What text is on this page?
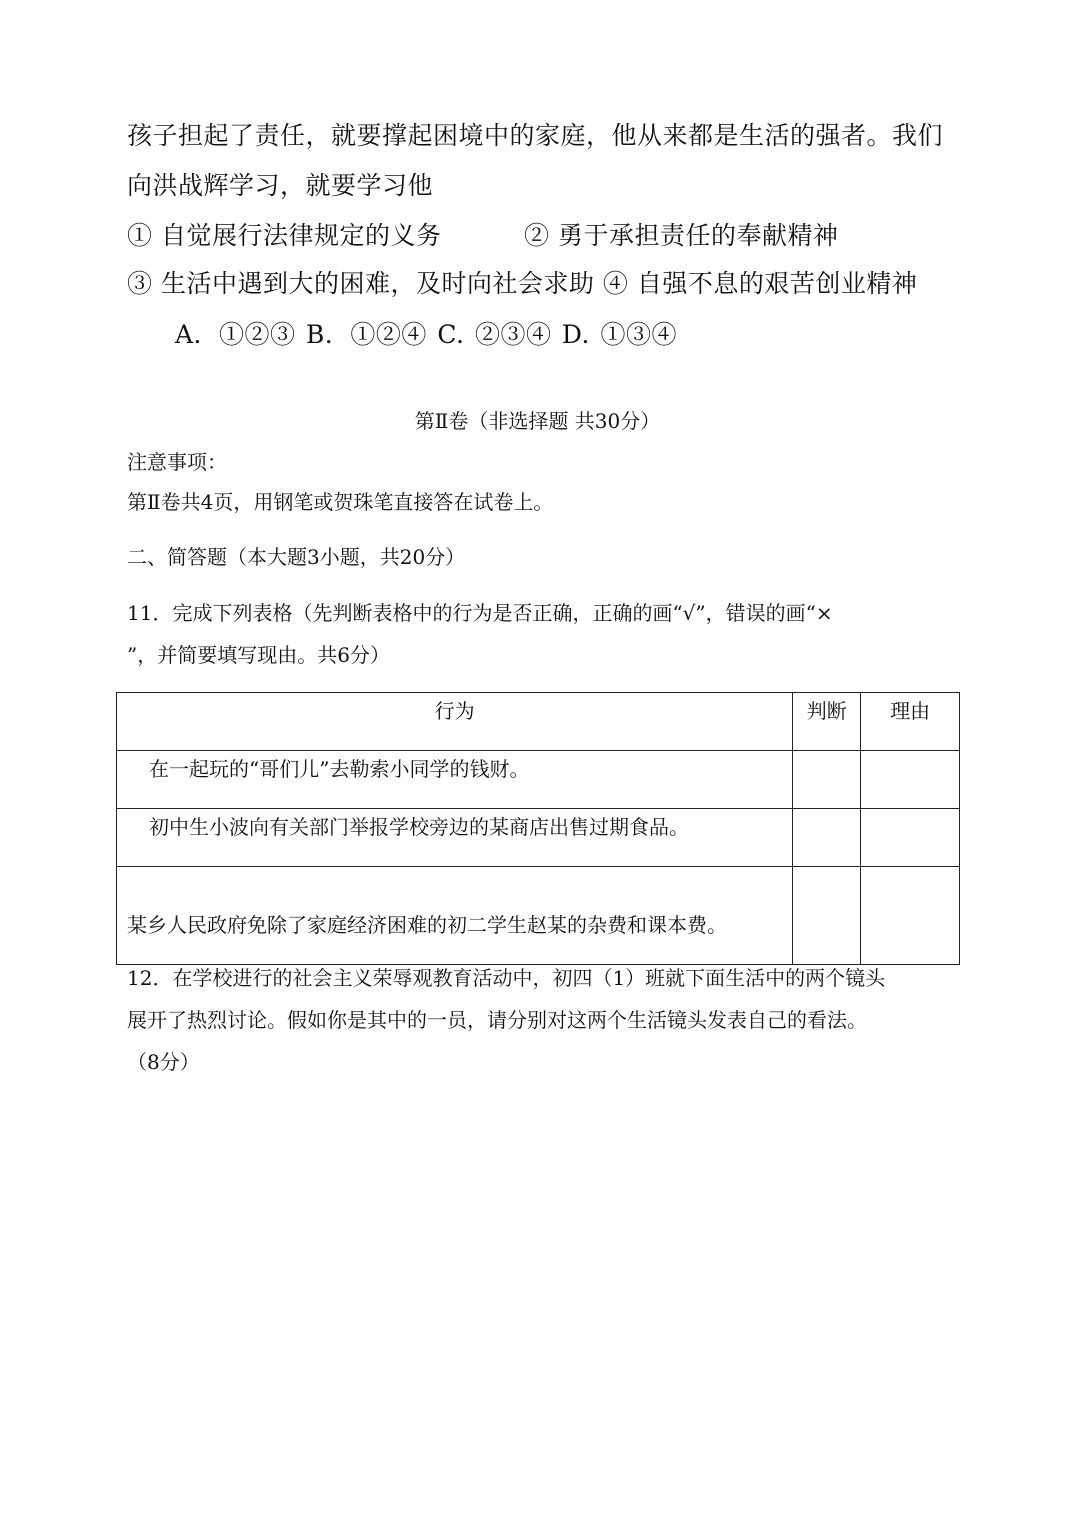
孩子担起了责任，就要撑起困境中的家庭，他从来都是生活的强者。我们
向洪战辉学习，就要学习他
① 自觉展行法律规定的义务	② 勇于承担责任的奉献精神
③ 生活中遇到大的困难，及时向社会求助 ④ 自强不息的艰苦创业精神
A．①②③ B．①②④ C. ②③④ D. ①③④
第Ⅱ卷（非选择题 共30分）
注意事项：
第Ⅱ卷共4页，用钢笔或贺珠笔直接答在试卷上。
二、简答题（本大题3小题，共20分）
11．完成下列表格（先判断表格中的行为是否正确，正确的画“√”，错误的画“×
”，并简要填写现由。共6分）
行为	判断	理由
在一起玩的“哥们儿”去勒索小同学的钱财。		
初中生小波向有关部门举报学校旁边的某商店出售过期食品。		
某乡人民政府免除了家庭经济困难的初二学生赵某的杂费和课本费。		
12．在学校进行的社会主义荣辱观教育活动中，初四（1）班就下面生活中的两个镜头
展开了热烈讨论。假如你是其中的一员，请分别对这两个生活镜头发表自己的看法。
（8分）
